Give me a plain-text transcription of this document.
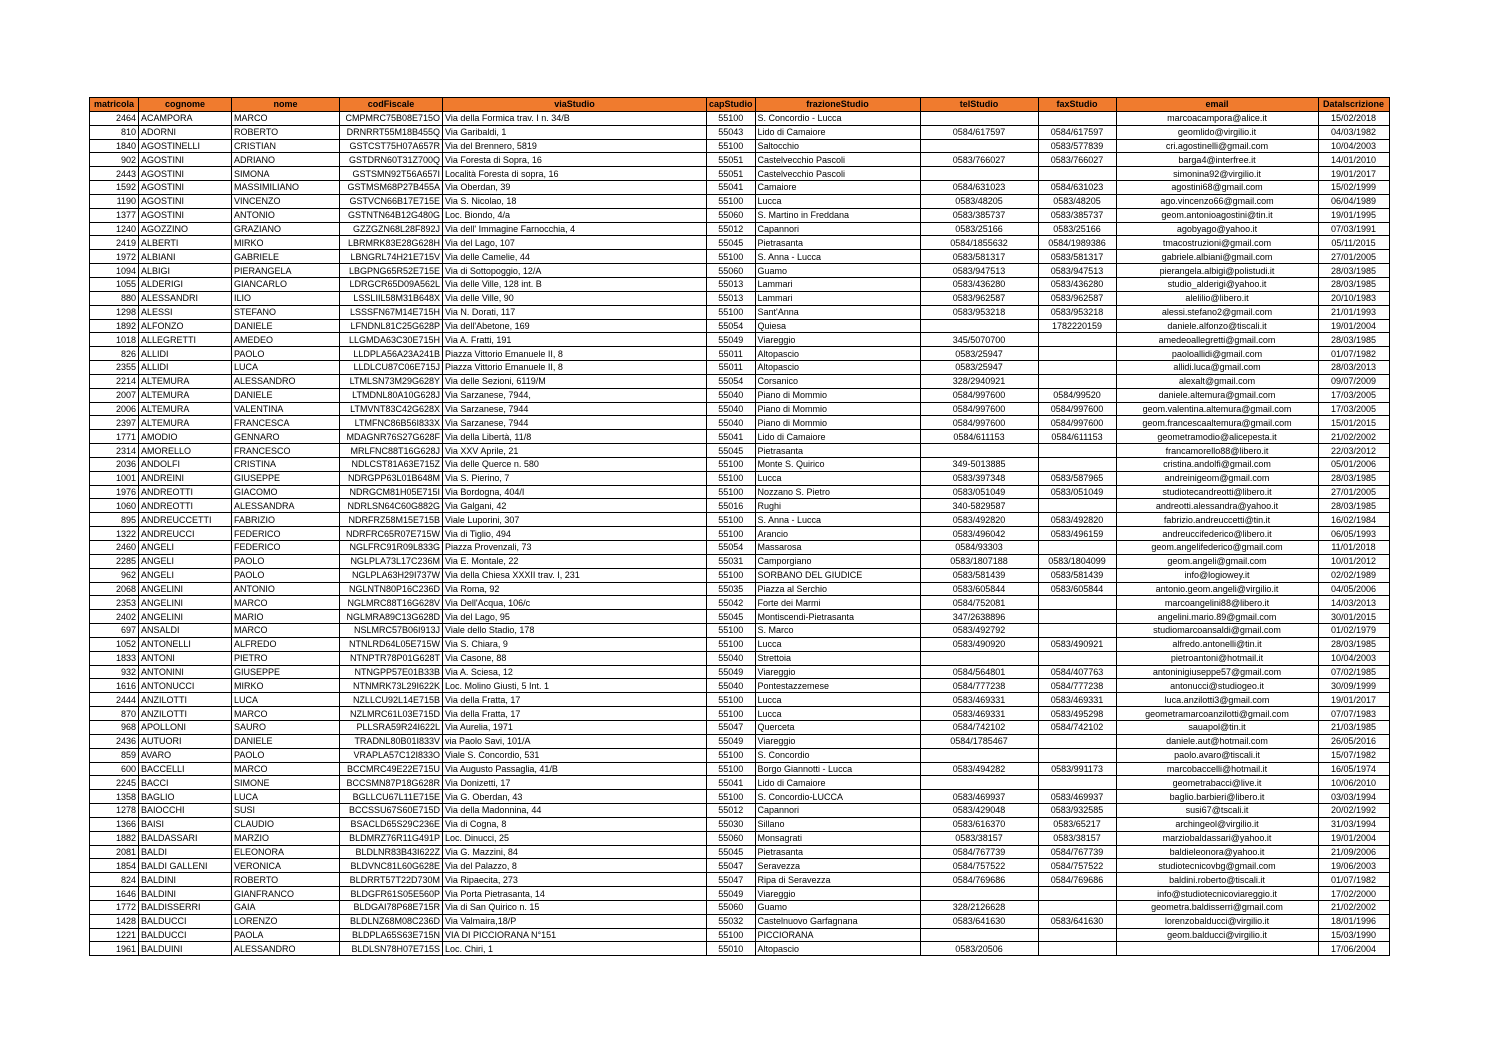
matricola	cognome	nome	codFiscale	viaStudio	capStudio	frazioneStudio	telStudio	faxStudio	email	DataIscrizione
2464	ACAMPORA	MARCO	CMPMRC75B08E715O	Via della Formica trav. I n. 34/B	55100	S. Concordio - Lucca			marcoacampora@alice.it	15/02/2018
810	ADORNI	ROBERTO	DRNRRT55M18B455Q	Via Garibaldi, 1	55043	Lido di Camaiore	0584/617597	0584/617597	geomlido@virgilio.it	04/03/1982
1840	AGOSTINELLI	CRISTIAN	GSTCST75H07A657R	Via del Brennero, 5819	55100	Saltocchio		0583/577839	cri.agostinelli@gmail.com	10/04/2003
902	AGOSTINI	ADRIANO	GSTDRN60T31Z700Q	Via Foresta di Sopra, 16	55051	Castelvecchio Pascoli	0583/766027	0583/766027	barga4@interfree.it	14/01/2010
2443	AGOSTINI	SIMONA	GSTSMN92T56A657I	Località Foresta di sopra, 16	55051	Castelvecchio Pascoli			simonina92@virgilio.it	19/01/2017
1592	AGOSTINI	MASSIMILIANO	GSTMSM68P27B455A	Via Oberdan, 39	55041	Camaiore	0584/631023	0584/631023	agostini68@gmail.com	15/02/1999
1190	AGOSTINI	VINCENZO	GSTVCN66B17E715E	Via S. Nicolao, 18	55100	Lucca	0583/48205	0583/48205	ago.vincenzo66@gmail.com	06/04/1989
1377	AGOSTINI	ANTONIO	GSTNTN64B12G480G	Loc. Biondo, 4/a	55060	S. Martino in Freddana	0583/385737	0583/385737	geom.antonioagostini@tin.it	19/01/1995
1240	AGOZZINO	GRAZIANO	GZZGZN68L28F892J	Via dell' Immagine Farnocchia, 4	55012	Capannori	0583/25166	0583/25166	agobyago@yahoo.it	07/03/1991
2419	ALBERTI	MIRKO	LBRMRK83E28G628H	Via del Lago, 107	55045	Pietrasanta	0584/1855632	0584/1989386	tmacostruzioni@gmail.com	05/11/2015
1972	ALBIANI	GABRIELE	LBNGRL74H21E715V	Via delle Camelie, 44	55100	S. Anna - Lucca	0583/581317	0583/581317	gabriele.albiani@gmail.com	27/01/2005
1094	ALBIGI	PIERANGELA	LBGPNG65R52E715E	Via di Sottopoggio, 12/A	55060	Guamo	0583/947513	0583/947513	pierangela.albigi@polistudi.it	28/03/1985
1055	ALDERIGI	GIANCARLO	LDRGCR65D09A562L	Via delle Ville, 128 int. B	55013	Lammari	0583/436280	0583/436280	studio_alderigi@yahoo.it	28/03/1985
880	ALESSANDRI	ILIO	LSSLIIL58M31B648X	Via delle Ville, 90	55013	Lammari	0583/962587	0583/962587	alelilio@libero.it	20/10/1983
1298	ALESSI	STEFANO	LSSSFN67M14E715H	Via N. Dorati, 117	55100	Sant'Anna	0583/953218	0583/953218	alessi.stefano2@gmail.com	21/01/1993
1892	ALFONZO	DANIELE	LFNDNL81C25G628P	Via dell'Abetone, 169	55054	Quiesa		1782220159	daniele.alfonzo@tiscali.it	19/01/2004
1018	ALLEGRETTI	AMEDEO	LLGMDA63C30E715H	Via A. Fratti, 191	55049	Viareggio	345/5070700		amedeoallegretti@gmail.com	28/03/1985
826	ALLIDI	PAOLO	LLDPLA56A23A241B	Piazza Vittorio Emanuele II, 8	55011	Altopascio	0583/25947		paoloallidi@gmail.com	01/07/1982
2355	ALLIDI	LUCA	LLDLCU87C06E715J	Piazza Vittorio Emanuele II, 8	55011	Altopascio	0583/25947		allidi.luca@gmail.com	28/03/2013
2214	ALTEMURA	ALESSANDRO	LTMLSN73M29G628Y	Via delle Sezioni, 6119/M	55054	Corsanico	328/2940921		alexalt@gmail.com	09/07/2009
2007	ALTEMURA	DANIELE	LTMDNL80A10G628J	Via Sarzanese, 7944,	55040	Piano di Mommio	0584/997600	0584/99520	daniele.altemura@gmail.com	17/03/2005
2006	ALTEMURA	VALENTINA	LTMVNT83C42G628X	Via Sarzanese, 7944	55040	Piano di Mommio	0584/997600	0584/997600	geom.valentina.altemura@gmail.com	17/03/2005
2397	ALTEMURA	FRANCESCA	LTMFNC86B56I833X	Via Sarzanese, 7944	55040	Piano di Mommio	0584/997600	0584/997600	geom.francescaaltemura@gmail.com	15/01/2015
1771	AMODIO	GENNARO	MDAGNR76S27G628F	Via della Libertà, 11/8	55041	Lido di Camaiore	0584/611153	0584/611153	geometramodio@alicepesta.it	21/02/2002
2314	AMORELLO	FRANCESCO	MRLFNC88T16G628J	Via XXV Aprile, 21	55045	Pietrasanta			francamorello88@libero.it	22/03/2012
2036	ANDOLFI	CRISTINA	NDLCST81A63E715Z	Via delle Querce n. 580	55100	Monte S. Quirico	349-5013885		cristina.andolfi@gmail.com	05/01/2006
1001	ANDREINI	GIUSEPPE	NDRGPP63L01B648M	Via S. Pierino, 7	55100	Lucca	0583/397348	0583/587965	andreinigeom@gmail.com	28/03/1985
1976	ANDREOTTI	GIACOMO	NDRGCM81H05E715I	Via Bordogna, 404/I	55100	Nozzano S. Pietro	0583/051049	0583/051049	studiotecandreotti@libero.it	27/01/2005
1060	ANDREOTTI	ALESSANDRA	NDRLSN64C60G882G	Via Galgani, 42	55016	Rughi	340-5829587		andreotti.alessandra@yahoo.it	28/03/1985
895	ANDREUCCETTI	FABRIZIO	NDRFRZ58M15E715B	Viale Luporini, 307	55100	S. Anna - Lucca	0583/492820	0583/492820	fabrizio.andreuccetti@tin.it	16/02/1984
1322	ANDREUCCI	FEDERICO	NDRFRC65R07E715W	Via di Tiglio, 494	55100	Arancio	0583/496042	0583/496159	andreuccifederico@libero.it	06/05/1993
2460	ANGELI	FEDERICO	NGLFRC91R09L833G	Piazza Provenzali, 73	55054	Massarosa	0584/93303		geom.angelifederico@gmail.com	11/01/2018
2285	ANGELI	PAOLO	NGLPLA73L17C236M	Via E. Montale, 22	55031	Camporgiano	0583/1807188	0583/1804099	geom.angeli@gmail.com	10/01/2012
962	ANGELI	PAOLO	NGLPLA63H29I737W	Via della Chiesa XXXII trav. I, 231	55100	SORBANO DEL GIUDICE	0583/581439	0583/581439	info@logiowey.it	02/02/1989
2068	ANGELINI	ANTONIO	NGLNTN80P16C236D	Via Roma, 92	55035	Piazza al Serchio	0583/605844	0583/605844	antonio.geom.angeli@virgilio.it	04/05/2006
2353	ANGELINI	MARCO	NGLMRC88T16G628V	Via Dell'Acqua, 106/c	55042	Forte dei Marmi	0584/752081		marcoangelini88@libero.it	14/03/2013
2402	ANGELINI	MARIO	NGLMRA89C13G628D	Via del Lago, 95	55045	Montiscendi-Pietrasanta	347/2638896		angelini.mario.89@gmail.com	30/01/2015
697	ANSALDI	MARCO	NSLMRC57B06I913J	Viale dello Stadio, 178	55100	S. Marco	0583/492792		studiomarcoansaldi@gmail.com	01/02/1979
1052	ANTONELLI	ALFREDO	NTNLRD64L05E715W	Via S. Chiara, 9	55100	Lucca	0583/490920	0583/490921	alfredo.antonelli@tin.it	28/03/1985
1833	ANTONI	PIETRO	NTNPTR78P01G628T	Via Casone, 88	55040	Strettoia			pietroantoni@hotmail.it	10/04/2003
932	ANTONINI	GIUSEPPE	NTNGPP57E01B33B	Via A. Sciesa, 12	55049	Viareggio	0584/564801	0584/407763	antoninigiuseppe57@gmail.com	07/02/1985
1616	ANTONUCCI	MIRKO	NTNMRK73L29I622K	Loc. Molino Giusti, 5 Int. 1	55040	Pontestazzemese	0584/777238	0584/777238	antonucci@studiogeo.it	30/09/1999
2444	ANZILOTTI	LUCA	NZLLCU92L14E715B	Via della Fratta, 17	55100	Lucca	0583/469331	0583/469331	luca.anzilotti3@gmail.com	19/01/2017
870	ANZILOTTI	MARCO	NZLMRC61L03E715D	Via della Fratta, 17	55100	Lucca	0583/469331	0583/495298	geometramarcoanzilotti@gmail.com	07/07/1983
968	APOLLONI	SAURO	PLLSRA59R24I622L	Via Aurelia, 1971	55047	Querceta	0584/742102	0584/742102	sauapol@tin.it	21/03/1985
2436	AUTUORI	DANIELE	TRADNL80B01I833V	via Paolo Savi, 101/A	55049	Viareggio	0584/1785467		daniele.aut@hotmail.com	26/05/2016
859	AVARO	PAOLO	VRAPLA57C12I833O	Viale S. Concordio, 531	55100	S. Concordio			paolo.avaro@tiscali.it	15/07/1982
600	BACCELLI	MARCO	BCCMRC49E22E715U	Via Augusto Passaglia, 41/B	55100	Borgo Giannotti - Lucca	0583/494282	0583/991173	marcobaccelli@hotmail.it	16/05/1974
2245	BACCI	SIMONE	BCCSMN87P18G628R	Via Donizetti, 17	55041	Lido di Camaiore			geometrabacci@live.it	10/06/2010
1358	BAGLIO	LUCA	BGLLCU67L11E715E	Via G. Oberdan, 43	55100	S. Concordio-LUCCA	0583/469937	0583/469937	baglio.barbieri@libero.it	03/03/1994
1278	BAIOCCHI	SUSI	BCCSSU67S60E715D	Via della Madonnina, 44	55012	Capannori	0583/429048	0583/932585	susi67@tscali.it	20/02/1992
1366	BAISI	CLAUDIO	BSACLD65S29C236E	Via di Cogna, 8	55030	Sillano	0583/616370	0583/65217	archingeol@virgilio.it	31/03/1994
1882	BALDASSARI	MARZIO	BLDMRZ76R11G491P	Loc. Dinucci, 25	55060	Monsagrati	0583/38157	0583/38157	marziobaldassari@yahoo.it	19/01/2004
2081	BALDI	ELEONORA	BLDLNR83B43I622Z	Via G. Mazzini, 84	55045	Pietrasanta	0584/767739	0584/767739	baldieleonora@yahoo.it	21/09/2006
1854	BALDI GALLENI	VERONICA	BLDVNC81L60G628E	Via del Palazzo, 8	55047	Seravezza	0584/757522	0584/757522	studiotecnicovbg@gmail.com	19/06/2003
824	BALDINI	ROBERTO	BLDRRT57T22D730M	Via Ripaecita, 273	55047	Ripa di Seravezza	0584/769686	0584/769686	baldini.roberto@tiscali.it	01/07/1982
1646	BALDINI	GIANFRANCO	BLDGFR61S05E560P	Via Porta Pietrasanta, 14	55049	Viareggio			info@studiotecnicoviareggio.it	17/02/2000
1772	BALDISSERRI	GAIA	BLDGAI78P68E715R	Via di San Quirico n. 15	55060	Guamo	328/2126628		geometra.baldisserri@gmail.com	21/02/2002
1428	BALDUCCI	LORENZO	BLDLNZ68M08C236D	Via Valmaira,18/P	55032	Castelnuovo Garfagnana	0583/641630	0583/641630	lorenzobalducci@virgilio.it	18/01/1996
1221	BALDUCCI	PAOLA	BLDPLA65S63E715N	VIA DI PICCIORANA N°151	55100	PICCIORANA			geom.balducci@virgilio.it	15/03/1990
1961	BALDUINI	ALESSANDRO	BLDLSN78H07E715S	Loc. Chiri, 1	55010	Altopascio	0583/20506			17/06/2004
